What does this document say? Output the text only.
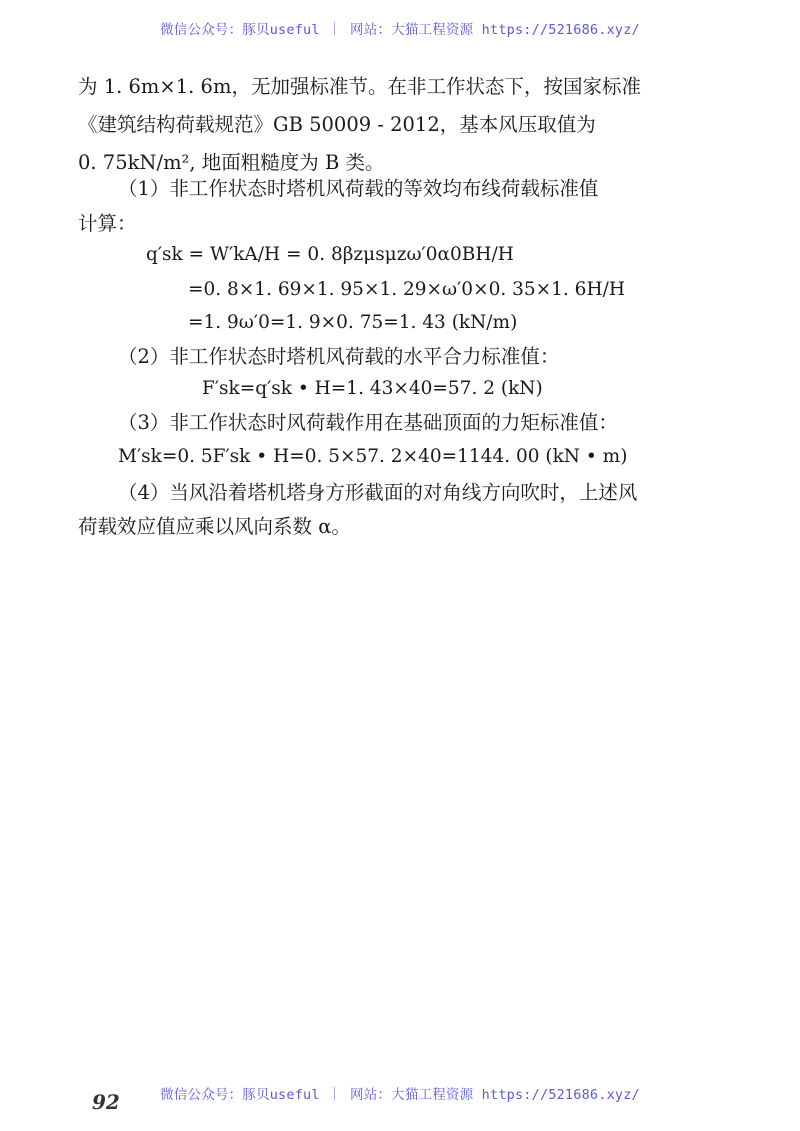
微信公众号：豚贝useful ｜ 网站：大猫工程资源 https://521686.xyz/
为 1. 6m×1. 6m，无加强标准节。在非工作状态下，按国家标准
《建筑结构荷载规范》GB 50009 - 2012，基本风压取值为
0. 75kN/m², 地面粗糙度为 B 类。
（1）非工作状态时塔机风荷载的等效均布线荷载标准值
计算：
q′sk = W′kA/H = 0. 8βzμsμzω′0α0BH/H
=0. 8×1. 69×1. 95×1. 29×ω′0×0. 35×1. 6H/H
=1. 9ω′0=1. 9×0. 75=1. 43 (kN/m)
（2）非工作状态时塔机风荷载的水平合力标准值：
F′sk=q′sk • H=1. 43×40=57. 2 (kN)
（3）非工作状态时风荷载作用在基础顶面的力矩标准值：
M′sk=0. 5F′sk • H=0. 5×57. 2×40=1144. 00 (kN • m)
（4）当风沿着塔机塔身方形截面的对角线方向吹时，上述风
荷载效应值应乘以风向系数 α。
92	微信公众号：豚贝useful ｜ 网站：大猫工程资源 https://521686.xyz/
